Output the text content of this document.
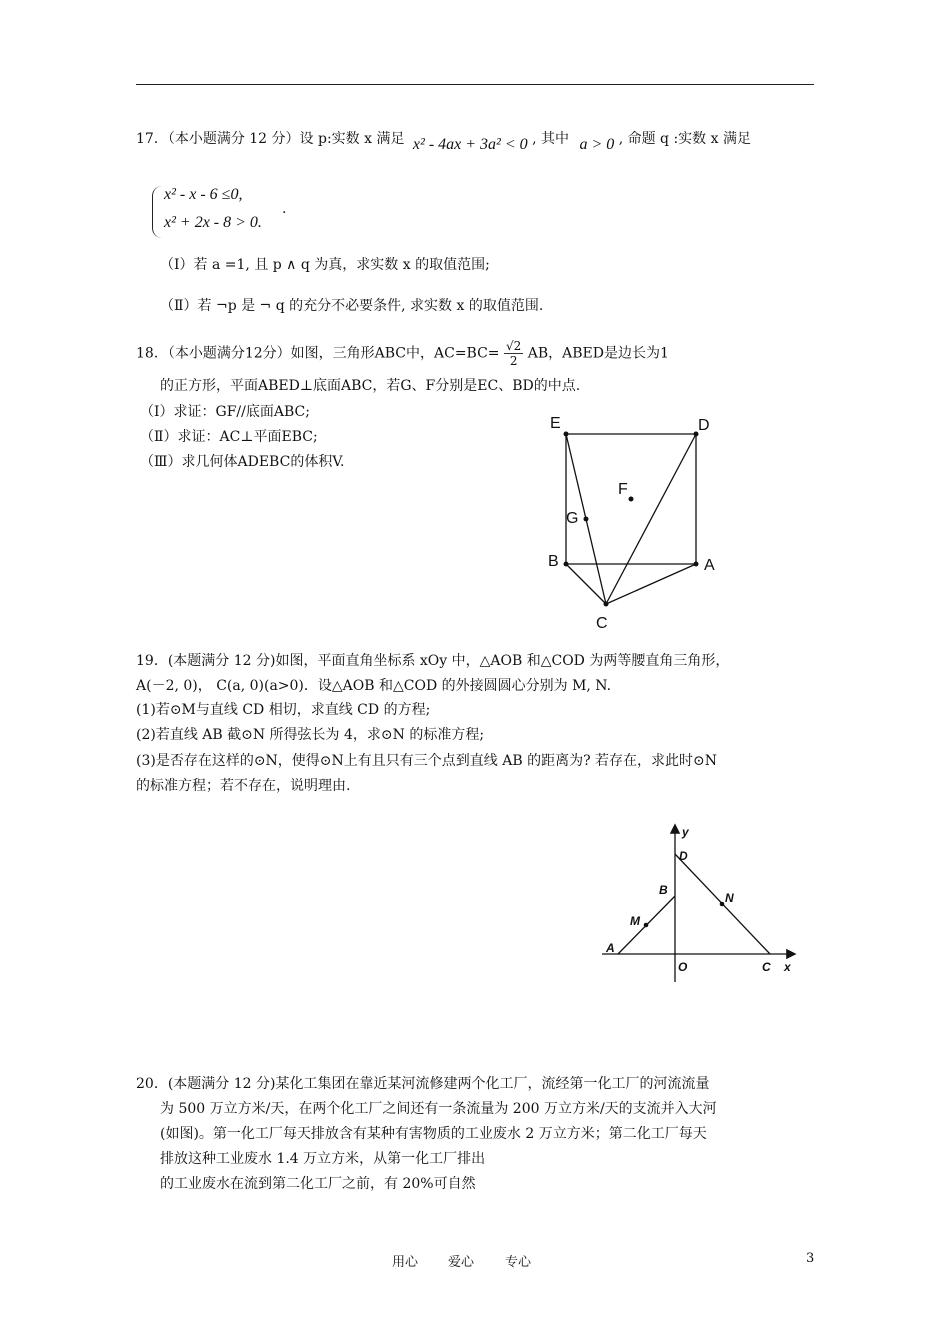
17．（本小题满分 12 分）设 p:实数 x 满足 x² - 4ax + 3a² < 0 , 其中 a > 0 , 命题 q :实数 x 满足
x² - x - 6 ≤0,
x² + 2x - 8 > 0.
.
（Ⅰ）若 a =1, 且 p ∧ q 为真，求实数 x 的取值范围;
（Ⅱ）若 ¬p 是 ¬ q 的充分不必要条件, 求实数 x 的取值范围.
18．（本小题满分12分）如图，三角形ABC中，$AC=BC= \frac{√2}{2}$ AB，ABED是边长为1
的正方形，平面ABED⊥底面ABC，若G、F分别是EC、BD的中点.
（I）求证：GF//底面ABC;
（Ⅱ）求证：AC⊥平面EBC;
（Ⅲ）求几何体ADEBC的体积V.
E	D
F
G
B	A
C
19．(本题满分 12 分)如图，平面直角坐标系 xOy 中，△AOB 和△COD 为两等腰直角三角形，
A(－2, 0)， C(a, 0)(a>0)．设△AOB 和△COD 的外接圆圆心分别为 M, N.
(1)若⊙M与直线 CD 相切，求直线 CD 的方程;
(2)若直线 AB 截⊙N 所得弦长为 4，求⊙N 的标准方程;
(3)是否存在这样的⊙N，使得⊙N上有且只有三个点到直线 AB 的距离为? 若存在，求此时⊙N
的标准方程；若不存在，说明理由.
y
D
B
N
M
A
O	C x
20．(本题满分 12 分)某化工集团在靠近某河流修建两个化工厂，流经第一化工厂的河流流量
为 500 万立方米/天，在两个化工厂之间还有一条流量为 200 万立方米/天的支流并入大河
(如图)。第一化工厂每天排放含有某种有害物质的工业废水 2 万立方米；第二化工厂每天
排放这种工业废水 1.4 万立方米，从第一化工厂排出
的工业废水在流到第二化工厂之前，有 20%可自然
用心 爱心 专心	3
